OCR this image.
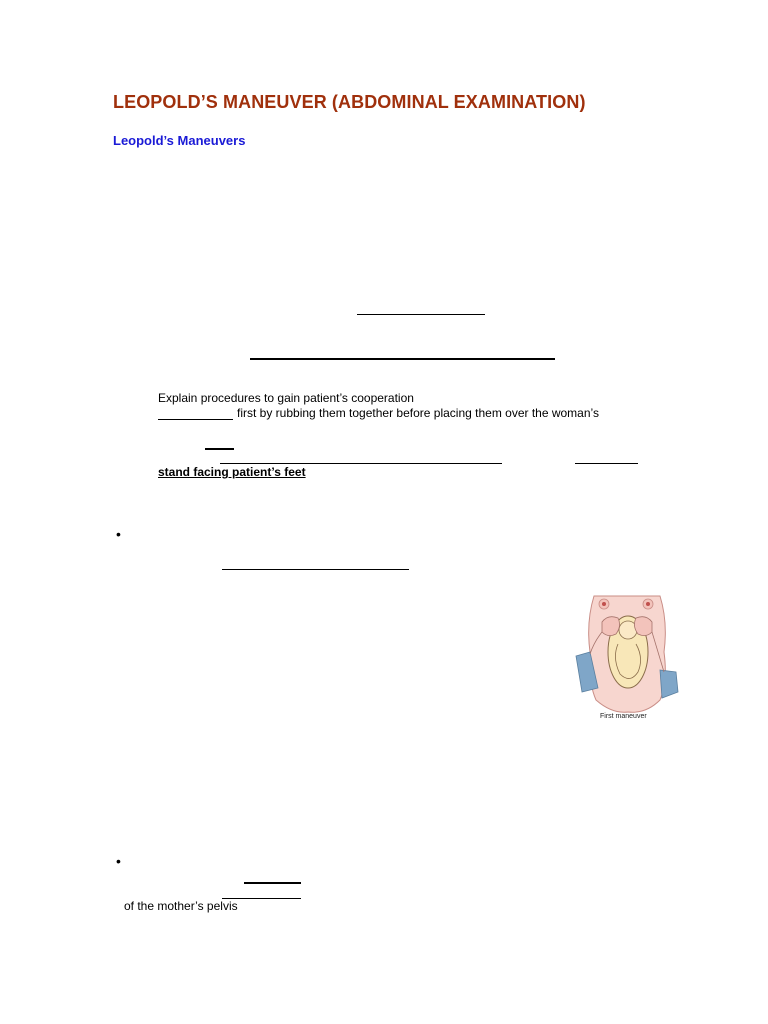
LEOPOLD’S MANEUVER (ABDOMINAL EXAMINATION)
Leopold’s Maneuvers
Explain procedures to gain patient’s cooperation
first by rubbing them together before placing them over the woman’s
stand facing patient’s feet
•
First maneuver
•
of the mother’s pelvis
